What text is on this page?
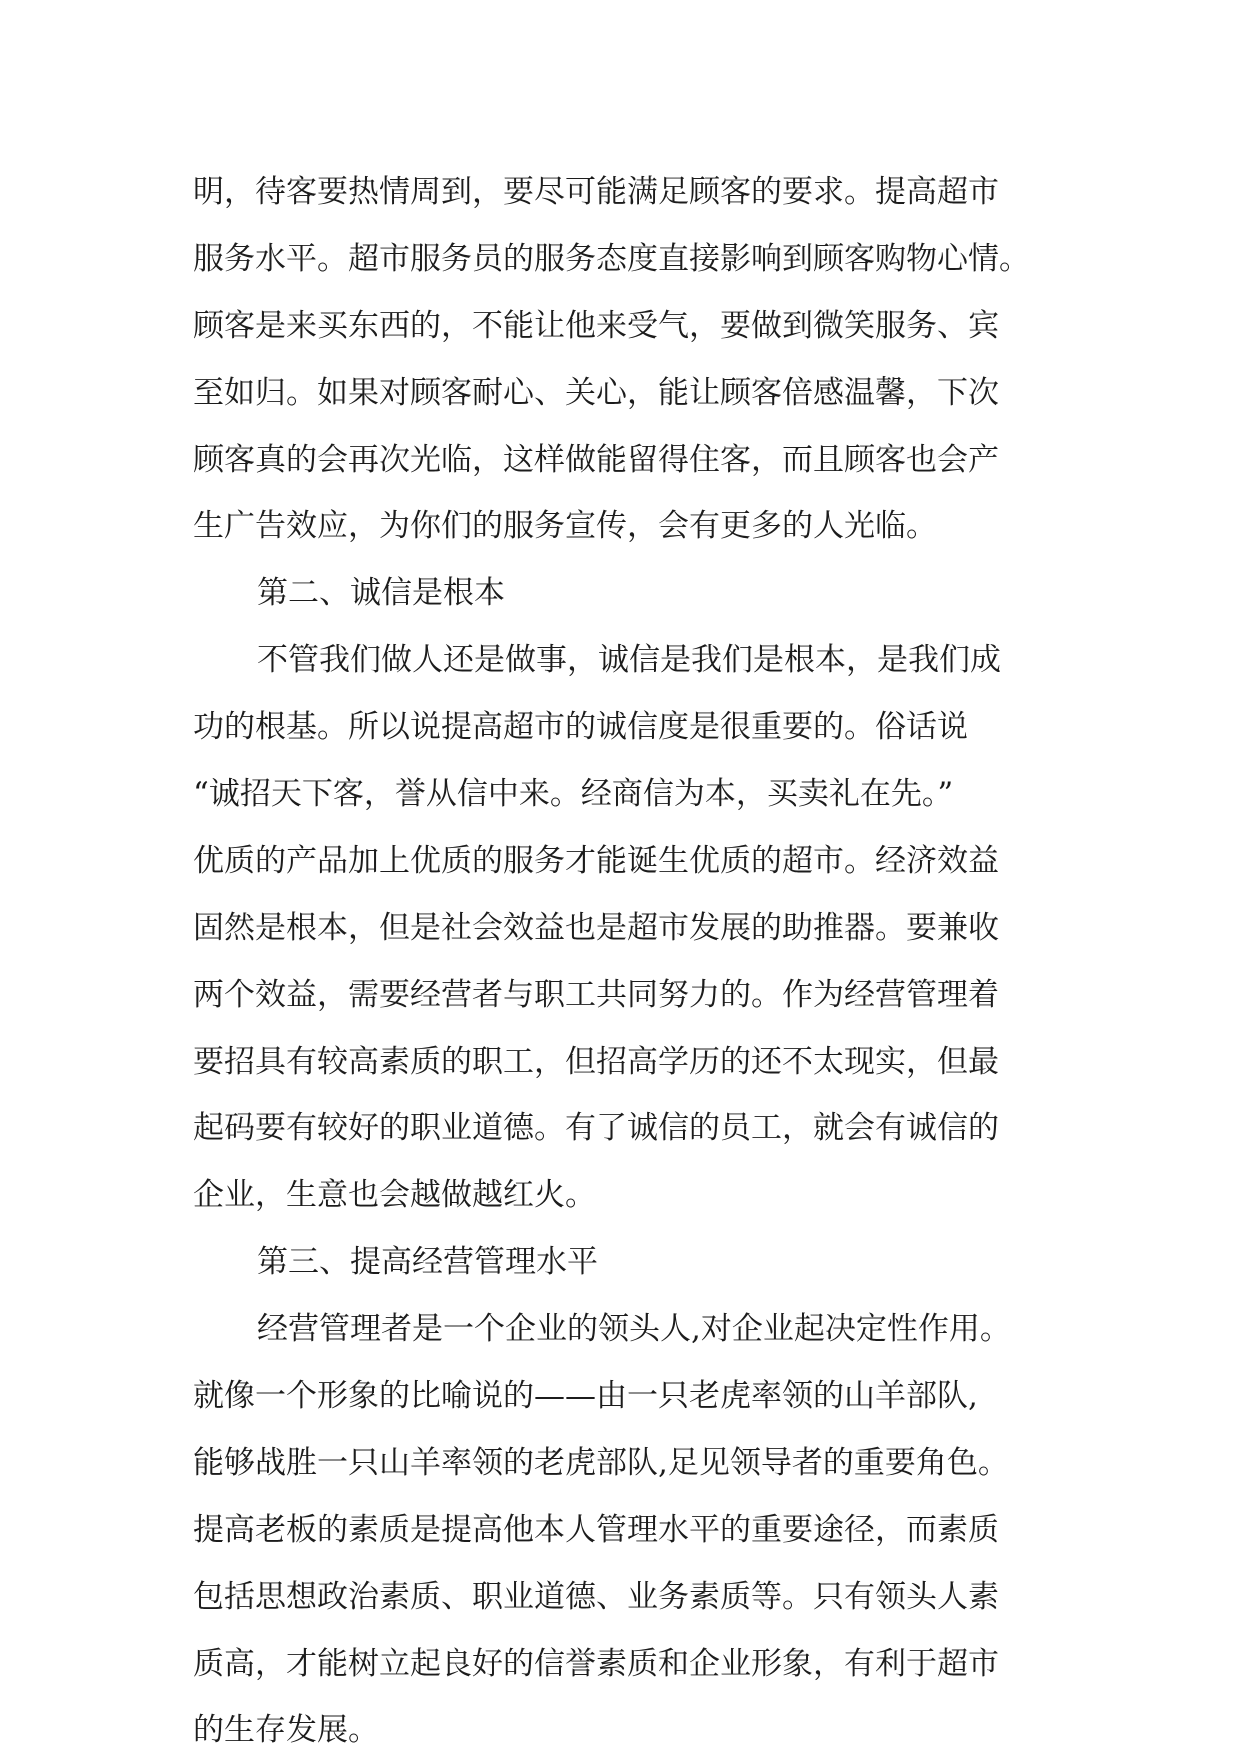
明，待客要热情周到，要尽可能满足顾客的要求。提高超市
服务水平。超市服务员的服务态度直接影响到顾客购物心情。
顾客是来买东西的，不能让他来受气，要做到微笑服务、宾
至如归。如果对顾客耐心、关心，能让顾客倍感温馨，下次
顾客真的会再次光临，这样做能留得住客，而且顾客也会产
生广告效应，为你们的服务宣传，会有更多的人光临。
第二、诚信是根本
不管我们做人还是做事，诚信是我们是根本，是我们成
功的根基。所以说提高超市的诚信度是很重要的。俗话说
“诚招天下客，誉从信中来。经商信为本，买卖礼在先。”
优质的产品加上优质的服务才能诞生优质的超市。经济效益
固然是根本，但是社会效益也是超市发展的助推器。要兼收
两个效益，需要经营者与职工共同努力的。作为经营管理着
要招具有较高素质的职工，但招高学历的还不太现实，但最
起码要有较好的职业道德。有了诚信的员工，就会有诚信的
企业，生意也会越做越红火。
第三、提高经营管理水平
经营管理者是一个企业的领头人,对企业起决定性作用。
就像一个形象的比喻说的——由一只老虎率领的山羊部队,
能够战胜一只山羊率领的老虎部队,足见领导者的重要角色。
提高老板的素质是提高他本人管理水平的重要途径，而素质
包括思想政治素质、职业道德、业务素质等。只有领头人素
质高，才能树立起良好的信誉素质和企业形象，有利于超市
的生存发展。
